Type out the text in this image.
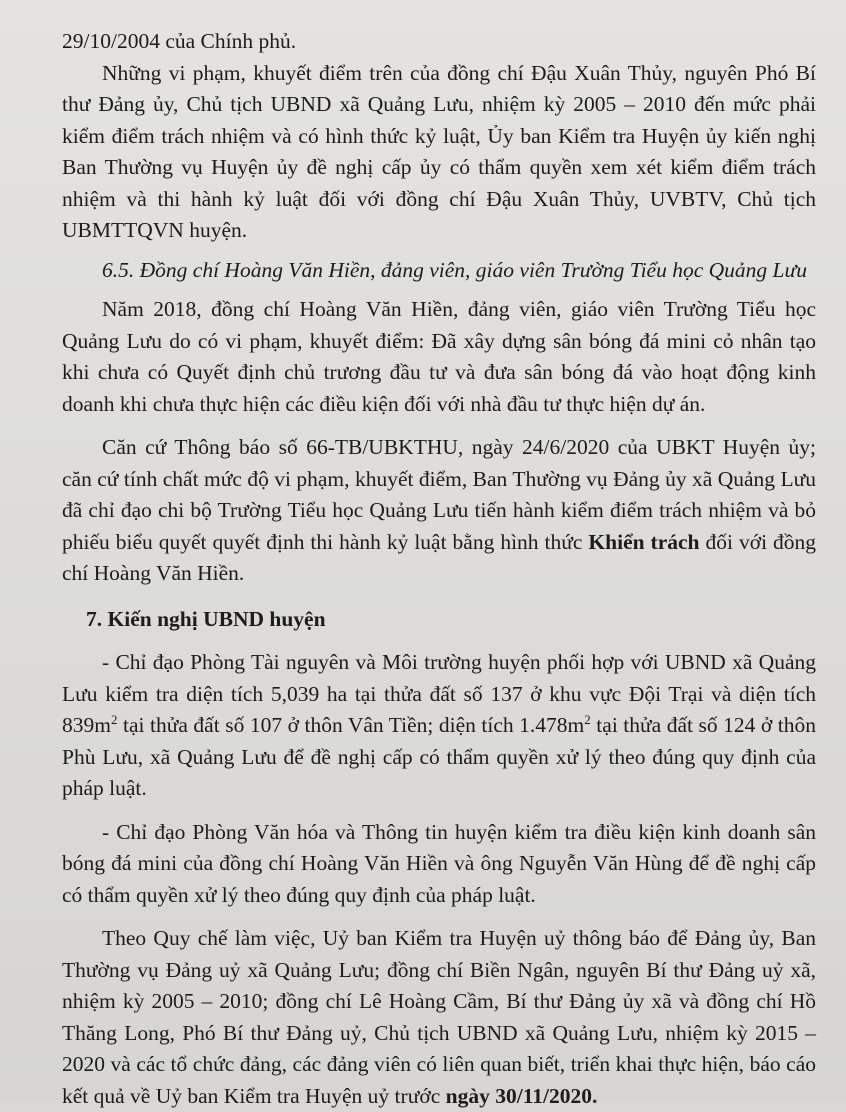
29/10/2004 của Chính phủ.

Những vi phạm, khuyết điểm trên của đồng chí Đậu Xuân Thủy, nguyên Phó Bí thư Đảng ủy, Chủ tịch UBND xã Quảng Lưu, nhiệm kỳ 2005 – 2010 đến mức phải kiểm điểm trách nhiệm và có hình thức kỷ luật, Ủy ban Kiểm tra Huyện ủy kiến nghị Ban Thường vụ Huyện ủy đề nghị cấp ủy có thẩm quyền xem xét kiểm điểm trách nhiệm và thi hành kỷ luật đối với đồng chí Đậu Xuân Thủy, UVBTV, Chủ tịch UBMTTQVN huyện.

6.5. Đồng chí Hoàng Văn Hiền, đảng viên, giáo viên Trường Tiểu học Quảng Lưu

Năm 2018, đồng chí Hoàng Văn Hiền, đảng viên, giáo viên Trường Tiểu học Quảng Lưu do có vi phạm, khuyết điểm: Đã xây dựng sân bóng đá mini cỏ nhân tạo khi chưa có Quyết định chủ trương đầu tư và đưa sân bóng đá vào hoạt động kinh doanh khi chưa thực hiện các điều kiện đối với nhà đầu tư thực hiện dự án.

Căn cứ Thông báo số 66-TB/UBKTHU, ngày 24/6/2020 của UBKT Huyện ủy; căn cứ tính chất mức độ vi phạm, khuyết điểm, Ban Thường vụ Đảng ủy xã Quảng Lưu đã chỉ đạo chi bộ Trường Tiểu học Quảng Lưu tiến hành kiểm điểm trách nhiệm và bỏ phiếu biểu quyết quyết định thi hành kỷ luật bằng hình thức Khiển trách đối với đồng chí Hoàng Văn Hiền.

7. Kiến nghị UBND huyện

- Chỉ đạo Phòng Tài nguyên và Môi trường huyện phối hợp với UBND xã Quảng Lưu kiểm tra diện tích 5,039 ha tại thửa đất số 137 ở khu vực Đội Trại và diện tích $839m^2$ tại thửa đất số 107 ở thôn Vân Tiền; diện tích $1.478m^2$ tại thửa đất số 124 ở thôn Phù Lưu, xã Quảng Lưu để đề nghị cấp có thẩm quyền xử lý theo đúng quy định của pháp luật.

- Chỉ đạo Phòng Văn hóa và Thông tin huyện kiểm tra điều kiện kinh doanh sân bóng đá mini của đồng chí Hoàng Văn Hiền và ông Nguyễn Văn Hùng để đề nghị cấp có thẩm quyền xử lý theo đúng quy định của pháp luật.

Theo Quy chế làm việc, Uỷ ban Kiểm tra Huyện uỷ thông báo để Đảng ủy, Ban Thường vụ Đảng uỷ xã Quảng Lưu; đồng chí Biền Ngân, nguyên Bí thư Đảng uỷ xã, nhiệm kỳ 2005 – 2010; đồng chí Lê Hoàng Cầm, Bí thư Đảng ủy xã và đồng chí Hồ Thăng Long, Phó Bí thư Đảng uỷ, Chủ tịch UBND xã Quảng Lưu, nhiệm kỳ 2015 – 2020 và các tổ chức đảng, các đảng viên có liên quan biết, triển khai thực hiện, báo cáo kết quả về Uỷ ban Kiểm tra Huyện uỷ trước ngày 30/11/2020.
